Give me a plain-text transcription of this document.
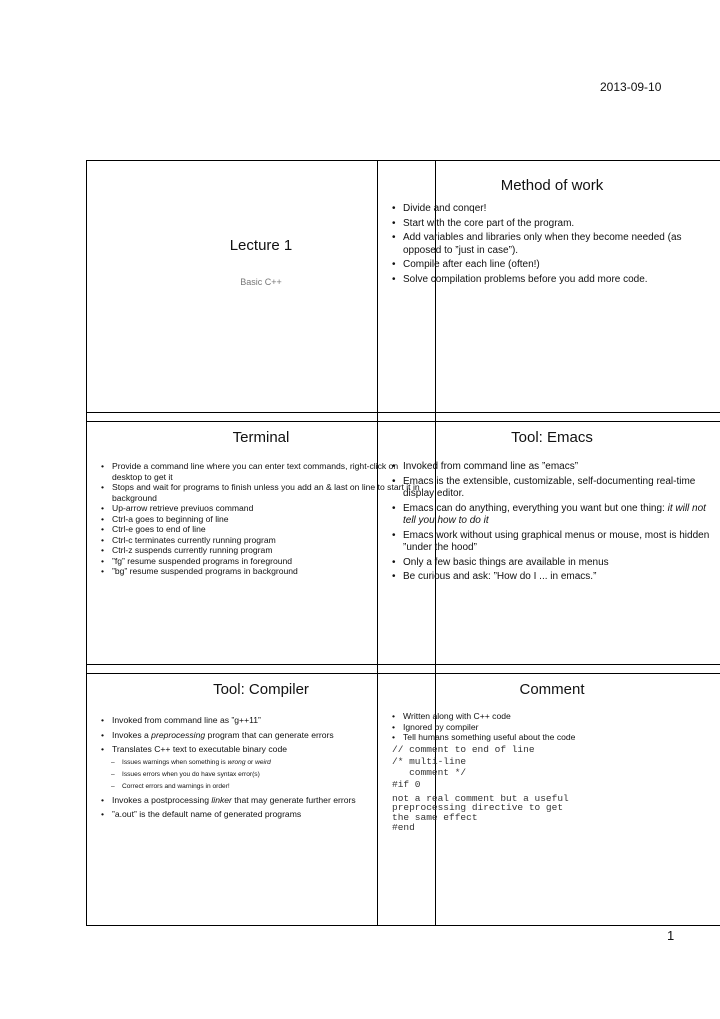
2013-09-10
Lecture 1
Basic C++
Method of work
• Divide and conqer!
• Start with the core part of the program.
• Add variables and libraries only when they become needed (as opposed to ”just in case”).
• Compile after each line (often!)
• Solve compilation problems before you add more code.
Terminal
• Provide a command line where you can enter text commands, right-click on desktop to get it
• Stops and wait for programs to finish unless you add an & last on line to start it in background
• Up-arrow retrieve previuos command
• Ctrl-a goes to beginning of line
• Ctrl-e goes to end of line
• Ctrl-c terminates currently running program
• Ctrl-z suspends currently running program
• ”fg” resume suspended programs in foreground
• ”bg” resume suspended programs in background
Tool: Emacs
• Invoked from command line as ”emacs”
• Emacs is the extensible, customizable, self-documenting real-time display editor.
• Emacs can do anything, everything you want but one thing: it will not tell you how to do it
• Emacs work without using graphical menus or mouse, most is hidden ”under the hood”
• Only a few basic things are available in menus
• Be curious and ask: ”How do I ... in emacs.”
Tool: Compiler
• Invoked from command line as ”g++11”
• Invokes a preprocessing program that can generate errors
• Translates C++ text to executable binary code
– Issues warnings when something is wrong or weird
– Issues errors when you do have syntax error(s)
– Correct errors and warnings in order!
• Invokes a postprocessing linker that may generate further errors
• ”a.out” is the default name of generated programs
Comment
• Written along with C++ code
• Ignored by compiler
• Tell humans something useful about the code
// comment to end of line
/* multi-line
comment */
#if 0
not a real comment but a useful
preprocessing directive to get
the same effect
#end
1
